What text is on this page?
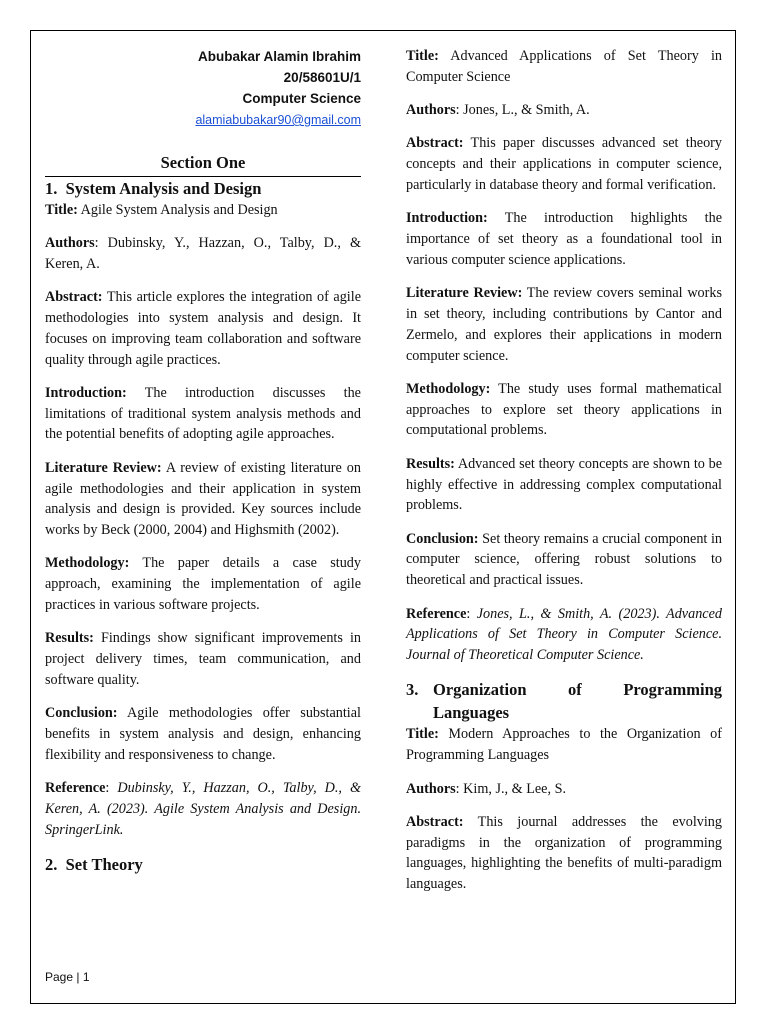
Abubakar Alamin Ibrahim
20/58601U/1
Computer Science
alamiabubakar90@gmail.com
Section One
1. System Analysis and Design

Title: Agile System Analysis and Design

Authors: Dubinsky, Y., Hazzan, O., Talby, D., & Keren, A.

Abstract: This article explores the integration of agile methodologies into system analysis and design. It focuses on improving team collaboration and software quality through agile practices.

Introduction: The introduction discusses the limitations of traditional system analysis methods and the potential benefits of adopting agile approaches.

Literature Review: A review of existing literature on agile methodologies and their application in system analysis and design is provided. Key sources include works by Beck (2000, 2004) and Highsmith (2002).

Methodology: The paper details a case study approach, examining the implementation of agile practices in various software projects.

Results: Findings show significant improvements in project delivery times, team communication, and software quality.

Conclusion: Agile methodologies offer substantial benefits in system analysis and design, enhancing flexibility and responsiveness to change.

Reference: Dubinsky, Y., Hazzan, O., Talby, D., & Keren, A. (2023). Agile System Analysis and Design. SpringerLink.

2. Set Theory

Title: Advanced Applications of Set Theory in Computer Science

Authors: Jones, L., & Smith, A.

Abstract: This paper discusses advanced set theory concepts and their applications in computer science, particularly in database theory and formal verification.

Introduction: The introduction highlights the importance of set theory as a foundational tool in various computer science applications.

Literature Review: The review covers seminal works in set theory, including contributions by Cantor and Zermelo, and explores their applications in modern computer science.

Methodology: The study uses formal mathematical approaches to explore set theory applications in computational problems.

Results: Advanced set theory concepts are shown to be highly effective in addressing complex computational problems.

Conclusion: Set theory remains a crucial component in computer science, offering robust solutions to theoretical and practical issues.

Reference: Jones, L., & Smith, A. (2023). Advanced Applications of Set Theory in Computer Science. Journal of Theoretical Computer Science.

3. Organization of Programming
Languages

Title: Modern Approaches to the Organization of Programming Languages

Authors: Kim, J., & Lee, S.

Abstract: This journal addresses the evolving paradigms in the organization of programming languages, highlighting the benefits of multi-paradigm languages.

Page | 1
